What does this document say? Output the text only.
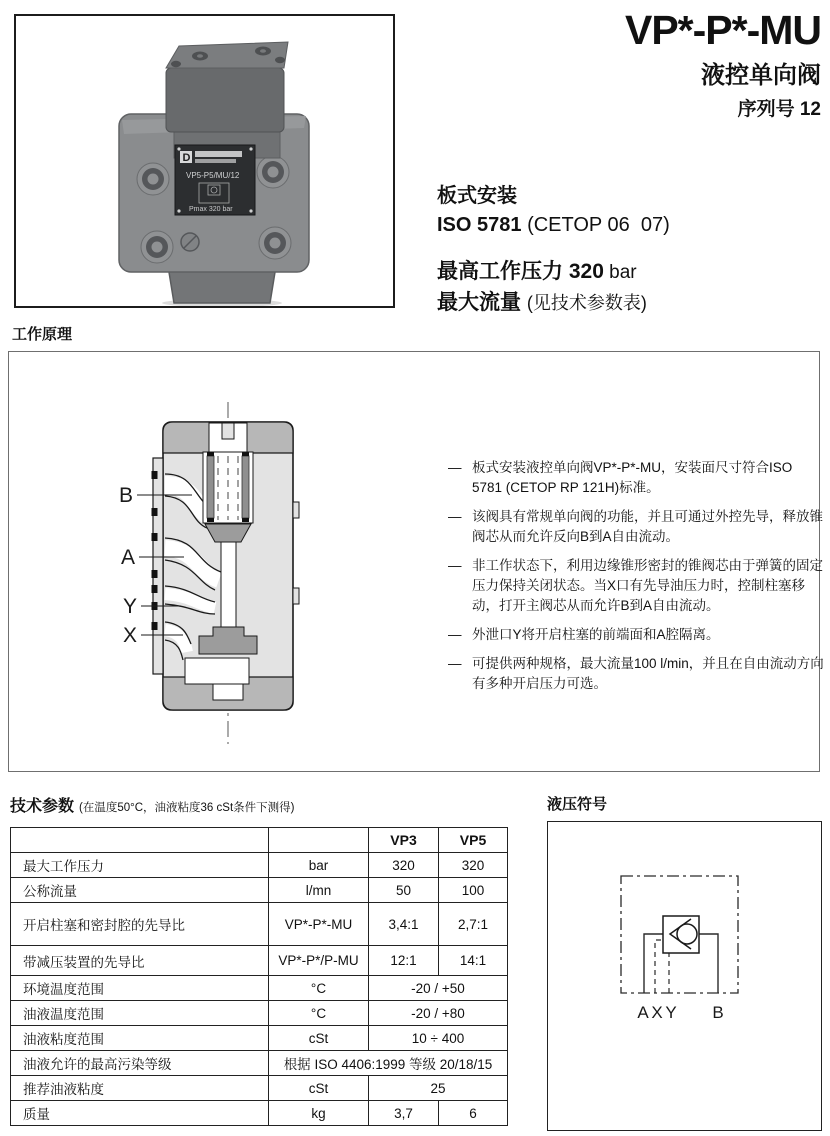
D
VP5-P5/MU/12
Pmax 320 bar
VP*-P*-MU
液控单向阀
序列号 12
板式安装
ISO 5781 (CETOP 06  07)
最高工作压力 320 bar
最大流量 (见技术参数表)
工作原理
B
A
Y
X
— 板式安装液控单向阀VP*-P*-MU，安装面尺寸符合ISO 5781 (CETOP RP 121H)标准。
— 该阀具有常规单向阀的功能，并且可通过外控先导，释放锥阀芯从而允许反向B到A自由流动。
— 非工作状态下，利用边缘锥形密封的锥阀芯由于弹簧的固定压力保持关闭状态。当X口有先导油压力时，控制柱塞移动，打开主阀芯从而允许B到A自由流动。
— 外泄口Y将开启柱塞的前端面和A腔隔离。
— 可提供两种规格，最大流量100 l/min，并且在自由流动方向有多种开启压力可选。
技术参数 (在温度50°C，油液粘度36 cSt条件下测得)
		VP3	VP5
最大工作压力	bar	320	320
公称流量	l/mn	50	100
开启柱塞和密封腔的先导比	VP*-P*-MU	3,4:1	2,7:1
带减压装置的先导比	VP*-P*/P-MU	12:1	14:1
环境温度范围	°C	-20 / +50	
油液温度范围	°C	-20 / +80	
油液粘度范围	cSt	10 ÷ 400	
油液允许的最高污染等级	根据 ISO 4406:1999 等级 20/18/15		
推荐油液粘度	cSt	25	
质量	kg	3,7	6
液压符号
A X Y B
